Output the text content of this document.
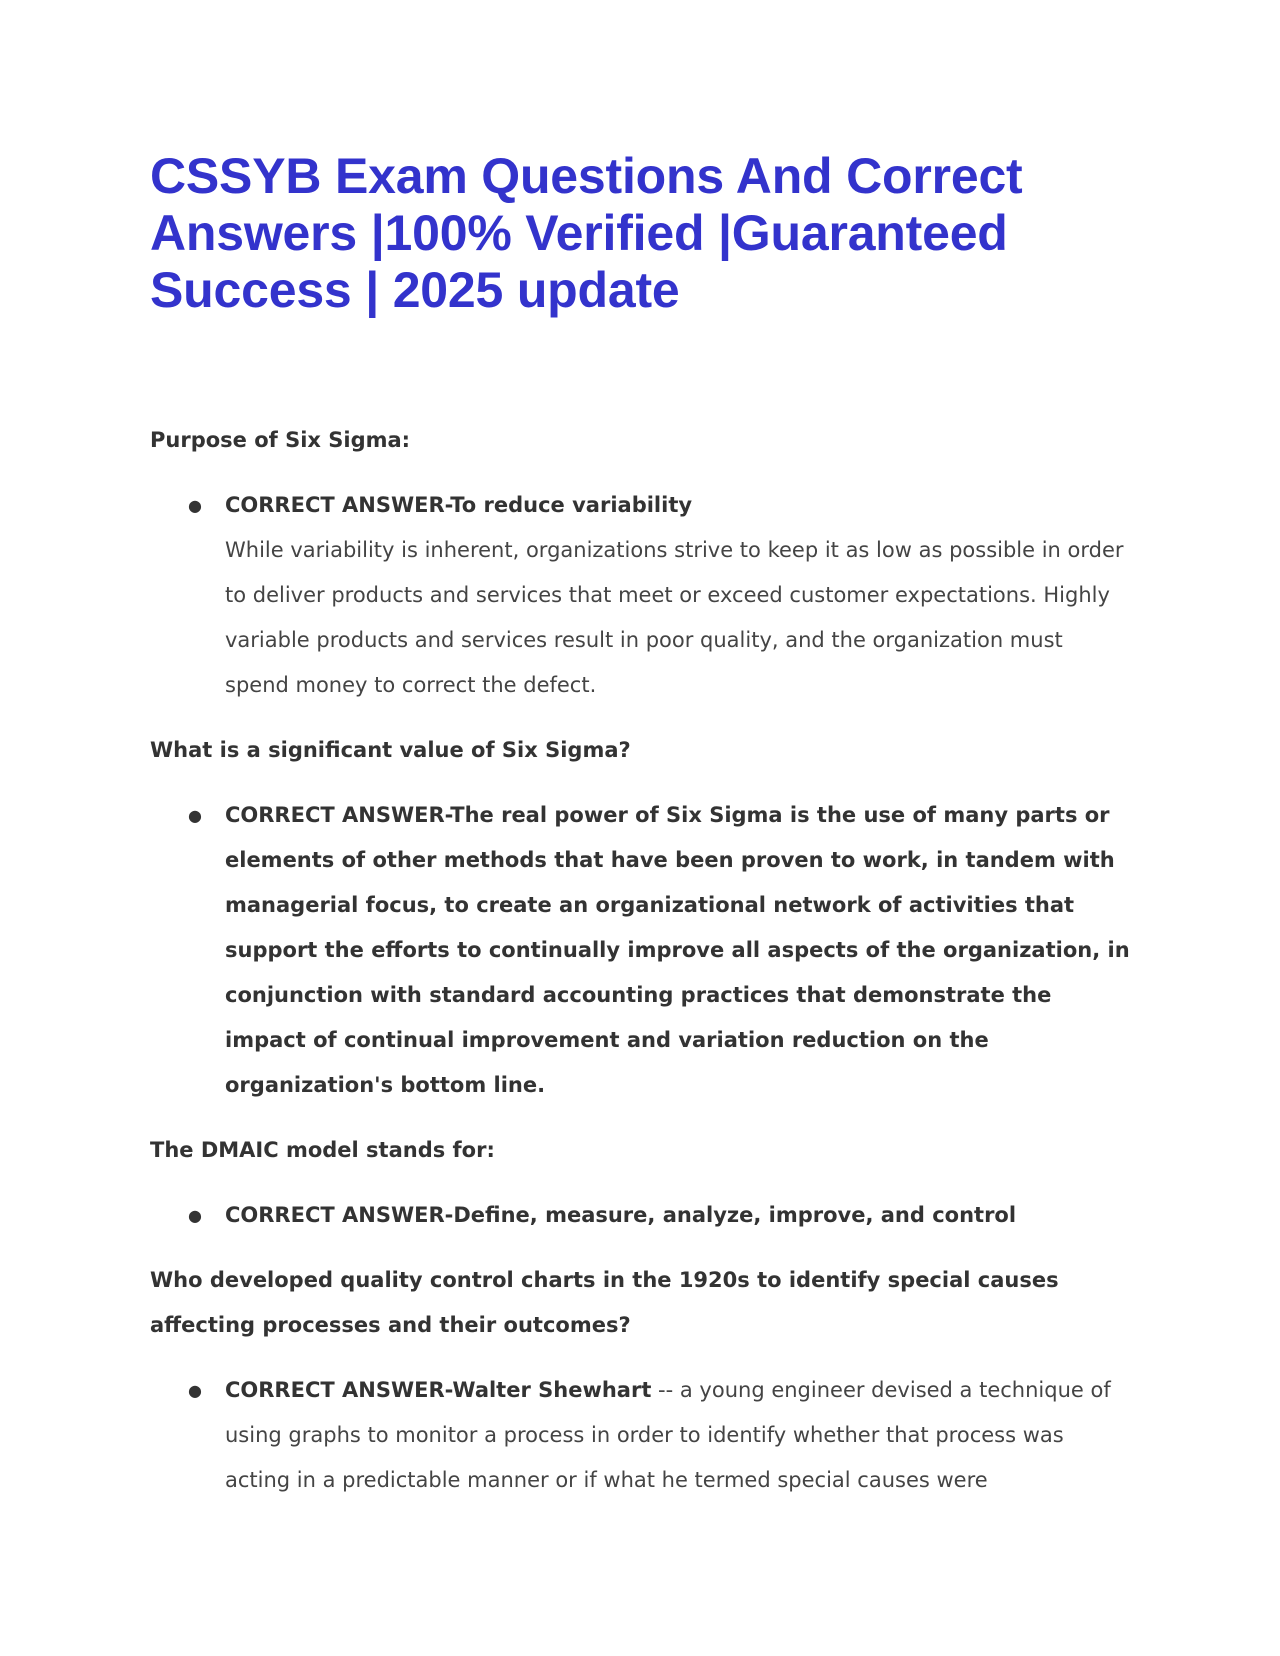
CSSYB Exam Questions And Correct Answers |100% Verified |Guaranteed Success | 2025 update

Purpose of Six Sigma:

● CORRECT ANSWER-To reduce variability
While variability is inherent, organizations strive to keep it as low as possible in order to deliver products and services that meet or exceed customer expectations. Highly variable products and services result in poor quality, and the organization must spend money to correct the defect.

What is a significant value of Six Sigma?

● CORRECT ANSWER-The real power of Six Sigma is the use of many parts or elements of other methods that have been proven to work, in tandem with managerial focus, to create an organizational network of activities that support the efforts to continually improve all aspects of the organization, in conjunction with standard accounting practices that demonstrate the impact of continual improvement and variation reduction on the organization's bottom line.

The DMAIC model stands for:

● CORRECT ANSWER-Define, measure, analyze, improve, and control

Who developed quality control charts in the 1920s to identify special causes affecting processes and their outcomes?

● CORRECT ANSWER-Walter Shewhart -- a young engineer devised a technique of using graphs to monitor a process in order to identify whether that process was acting in a predictable manner or if what he termed special causes were
